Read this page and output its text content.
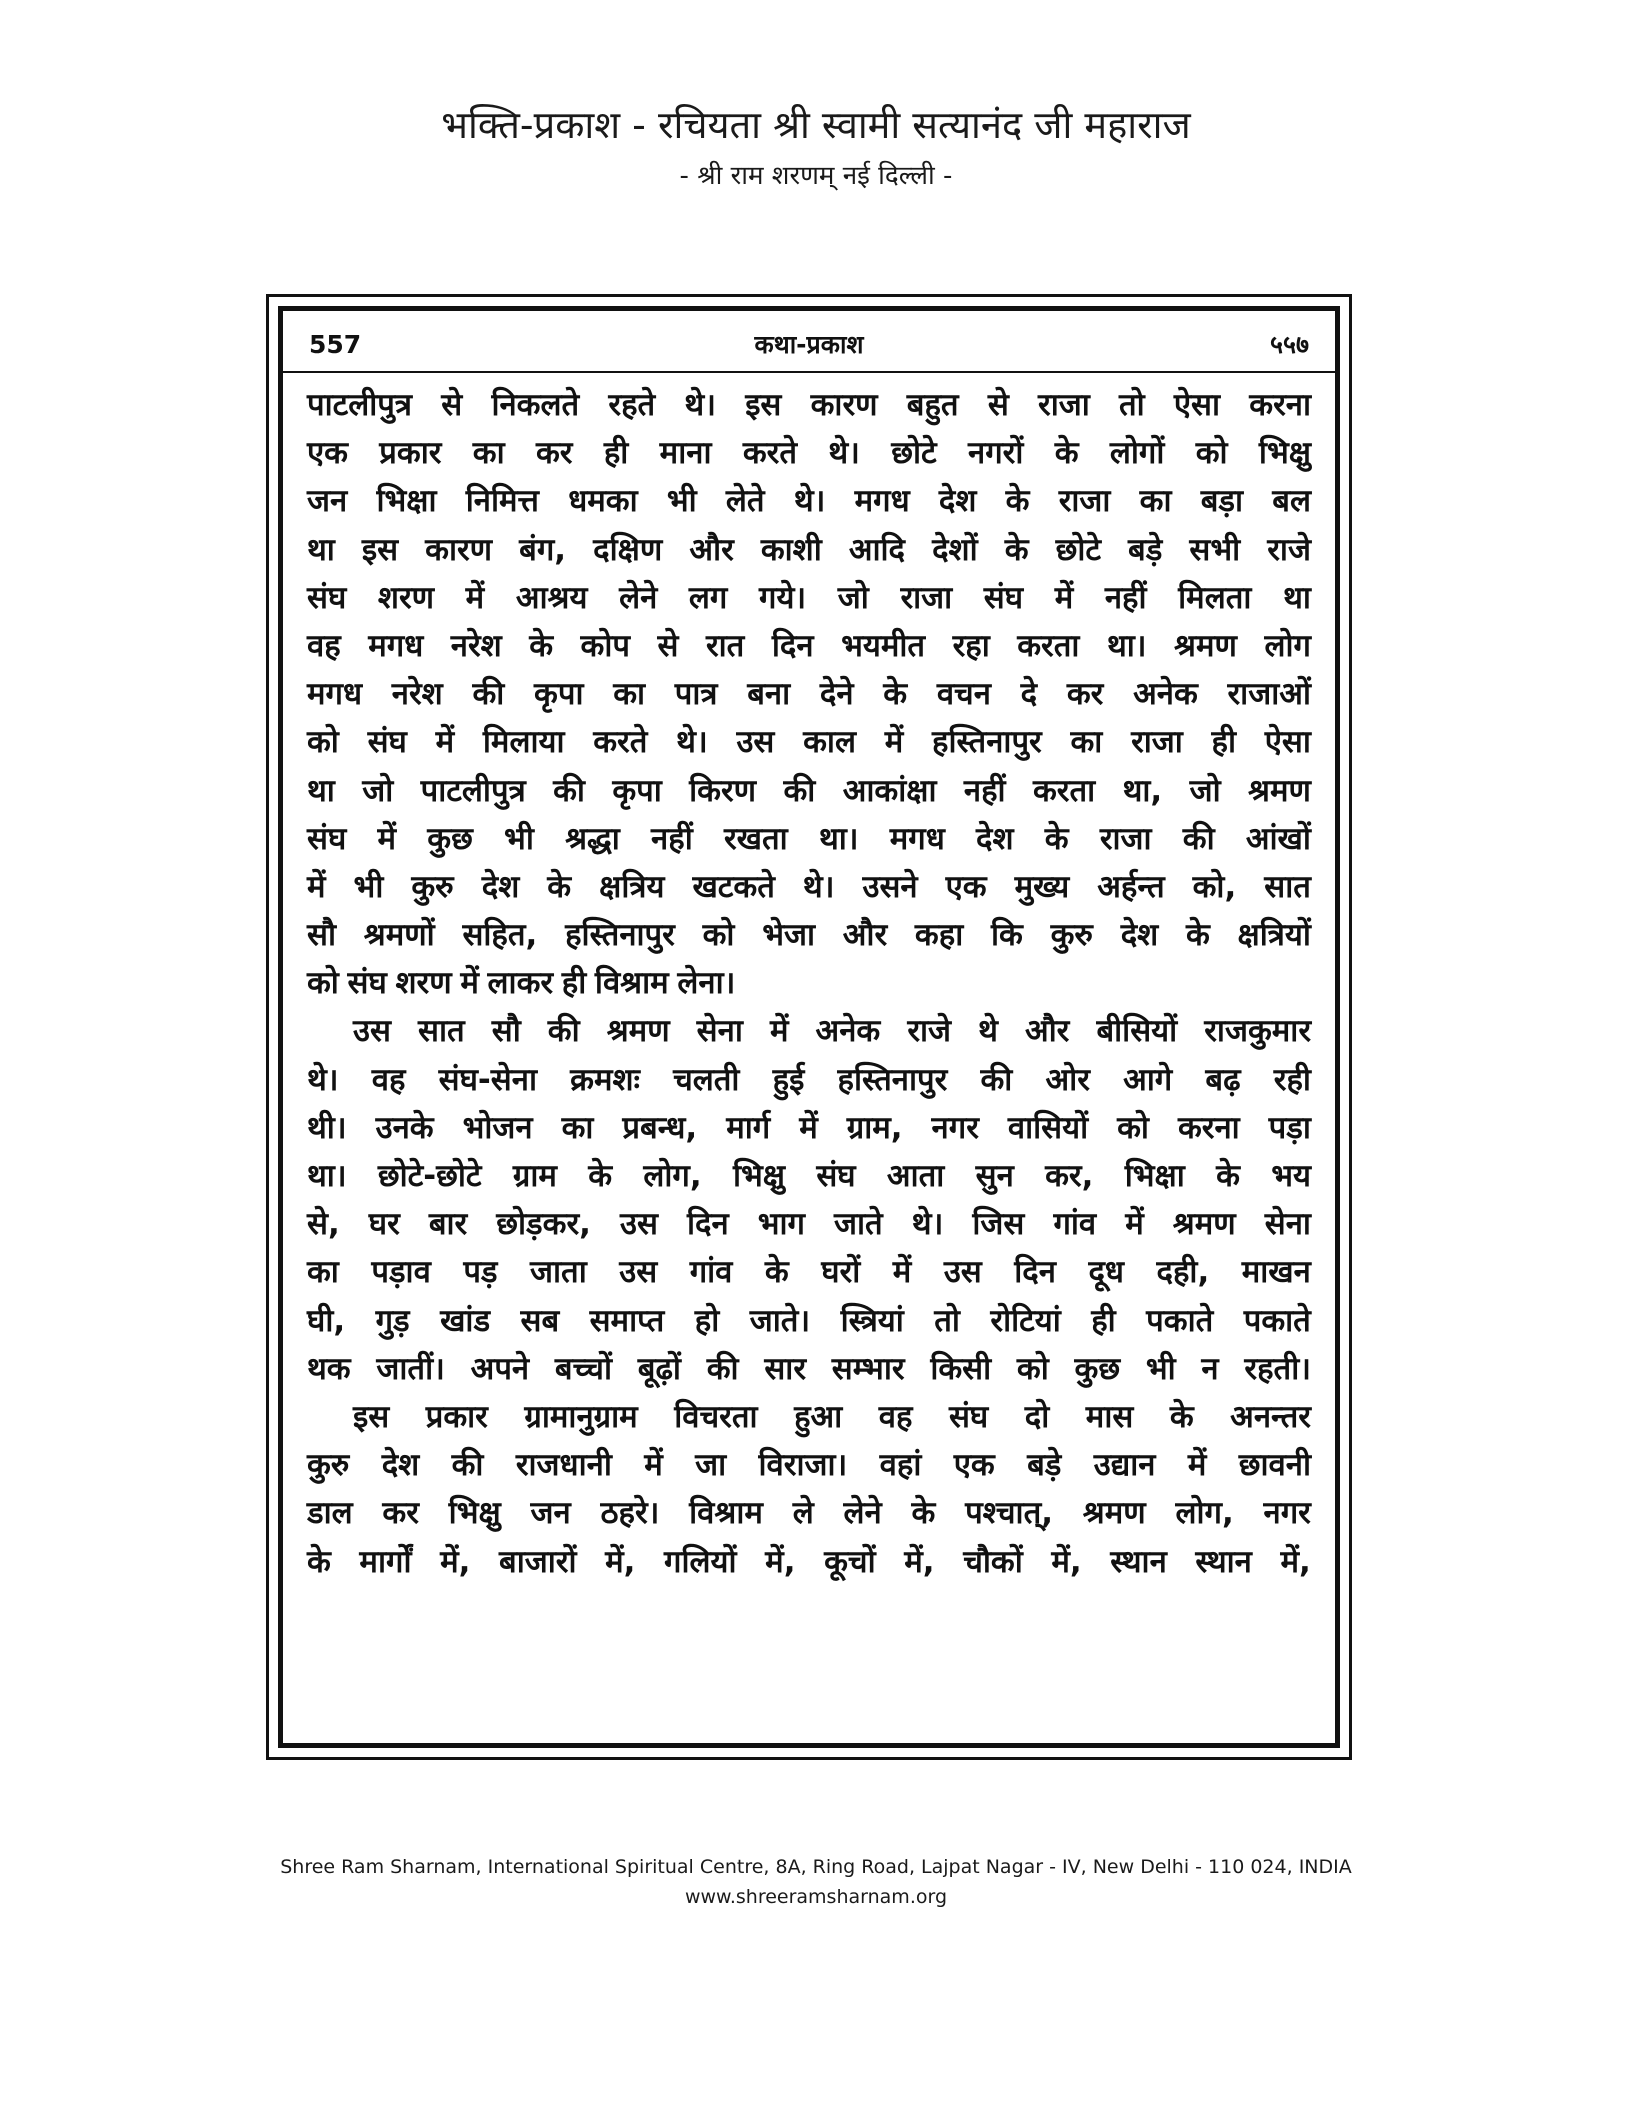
भक्ति-प्रकाश - रचियता श्री स्वामी सत्यानंद जी महाराज
- श्री राम शरणम् नई दिल्ली -
कथा-प्रकाश
557	५५७
पाटलीपुत्र से निकलते रहते थे। इस कारण बहुत से राजा तो ऐसा करना
एक प्रकार का कर ही माना करते थे। छोटे नगरों के लोगों को भिक्षु
जन भिक्षा निमित्त धमका भी लेते थे। मगध देश के राजा का बड़ा बल
था इस कारण बंग, दक्षिण और काशी आदि देशों के छोटे बड़े सभी राजे
संघ शरण में आश्रय लेने लग गये। जो राजा संघ में नहीं मिलता था
वह मगध नरेश के कोप से रात दिन भयमीत रहा करता था। श्रमण लोग
मगध नरेश की कृपा का पात्र बना देने के वचन दे कर अनेक राजाओं
को संघ में मिलाया करते थे। उस काल में हस्तिनापुर का राजा ही ऐसा
था जो पाटलीपुत्र की कृपा किरण की आकांक्षा नहीं करता था, जो श्रमण
संघ में कुछ भी श्रद्धा नहीं रखता था। मगध देश के राजा की आंखों
में भी कुरु देश के क्षत्रिय खटकते थे। उसने एक मुख्य अर्हन्त को, सात
सौ श्रमणों सहित, हस्तिनापुर को भेजा और कहा कि कुरु देश के क्षत्रियों
को संघ शरण में लाकर ही विश्राम लेना।
उस सात सौ की श्रमण सेना में अनेक राजे थे और बीसियों राजकुमार
थे। वह संघ-सेना क्रमशः चलती हुई हस्तिनापुर की ओर आगे बढ़ रही
थी। उनके भोजन का प्रबन्ध, मार्ग में ग्राम, नगर वासियों को करना पड़ा
था। छोटे-छोटे ग्राम के लोग, भिक्षु संघ आता सुन कर, भिक्षा के भय
से, घर बार छोड़कर, उस दिन भाग जाते थे। जिस गांव में श्रमण सेना
का पड़ाव पड़ जाता उस गांव के घरों में उस दिन दूध दही, माखन
घी, गुड़ खांड सब समाप्त हो जाते। स्त्रियां तो रोटियां ही पकाते पकाते
थक जातीं। अपने बच्चों बूढ़ों की सार सम्भार किसी को कुछ भी न रहती।
इस प्रकार ग्रामानुग्राम विचरता हुआ वह संघ दो मास के अनन्तर
कुरु देश की राजधानी में जा विराजा। वहां एक बड़े उद्यान में छावनी
डाल कर भिक्षु जन ठहरे। विश्राम ले लेने के पश्चात्, श्रमण लोग, नगर
के मार्गों में, बाजारों में, गलियों में, कूचों में, चौकों में, स्थान स्थान में,
Shree Ram Sharnam, International Spiritual Centre, 8A, Ring Road, Lajpat Nagar - IV, New Delhi - 110 024, INDIA
www.shreeramsharnam.org
